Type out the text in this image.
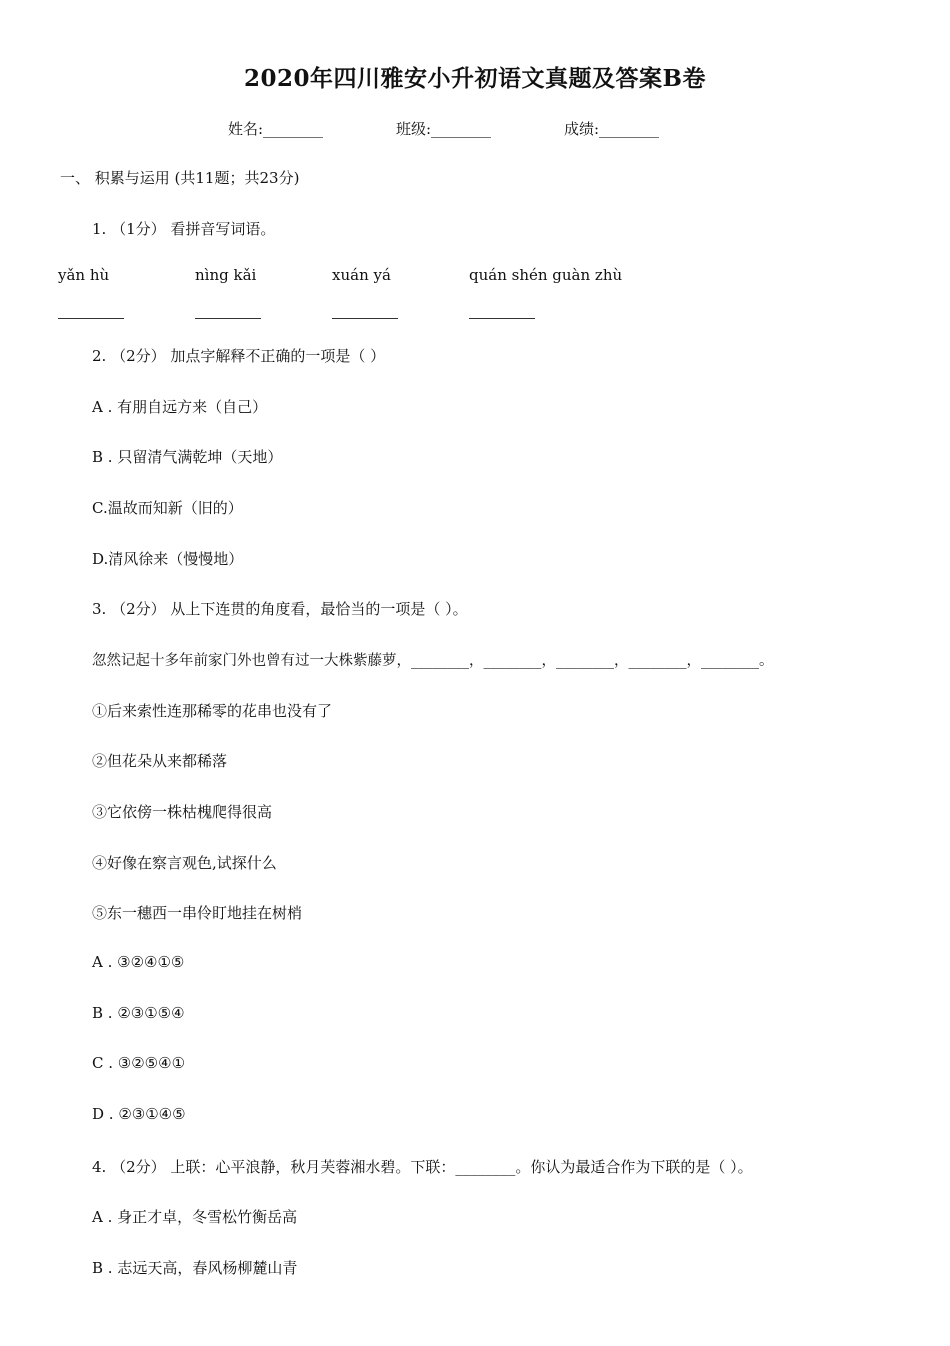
2020年四川雅安小升初语文真题及答案B卷
姓名:________	班级:________	成绩:________
一、 积累与运用 (共11题；共23分)
1. （1分） 看拼音写词语。
yǎn hù	nìng kǎi	xuán yá	quán shén guàn zhù
2. （2分） 加点字解释不正确的一项是（ ）
A . 有朋自远方来（自己）
B . 只留清气满乾坤（天地）
C.温故而知新（旧的）
D.清风徐来（慢慢地）
3. （2分） 从上下连贯的角度看，最恰当的一项是（ ）。
忽然记起十多年前家门外也曾有过一大株紫藤萝，________，________，________，________，________。
①后来索性连那稀零的花串也没有了
②但花朵从来都稀落
③它依傍一株枯槐爬得很高
④好像在察言观色,试探什么
⑤东一穗西一串伶盯地挂在树梢
A . ③②④①⑤
B . ②③①⑤④
C . ③②⑤④①
D . ②③①④⑤
4. （2分） 上联：心平浪静，秋月芙蓉湘水碧。下联：________。你认为最适合作为下联的是（ ）。
A . 身正才卓，冬雪松竹衡岳高
B . 志远天高，春风杨柳麓山青
